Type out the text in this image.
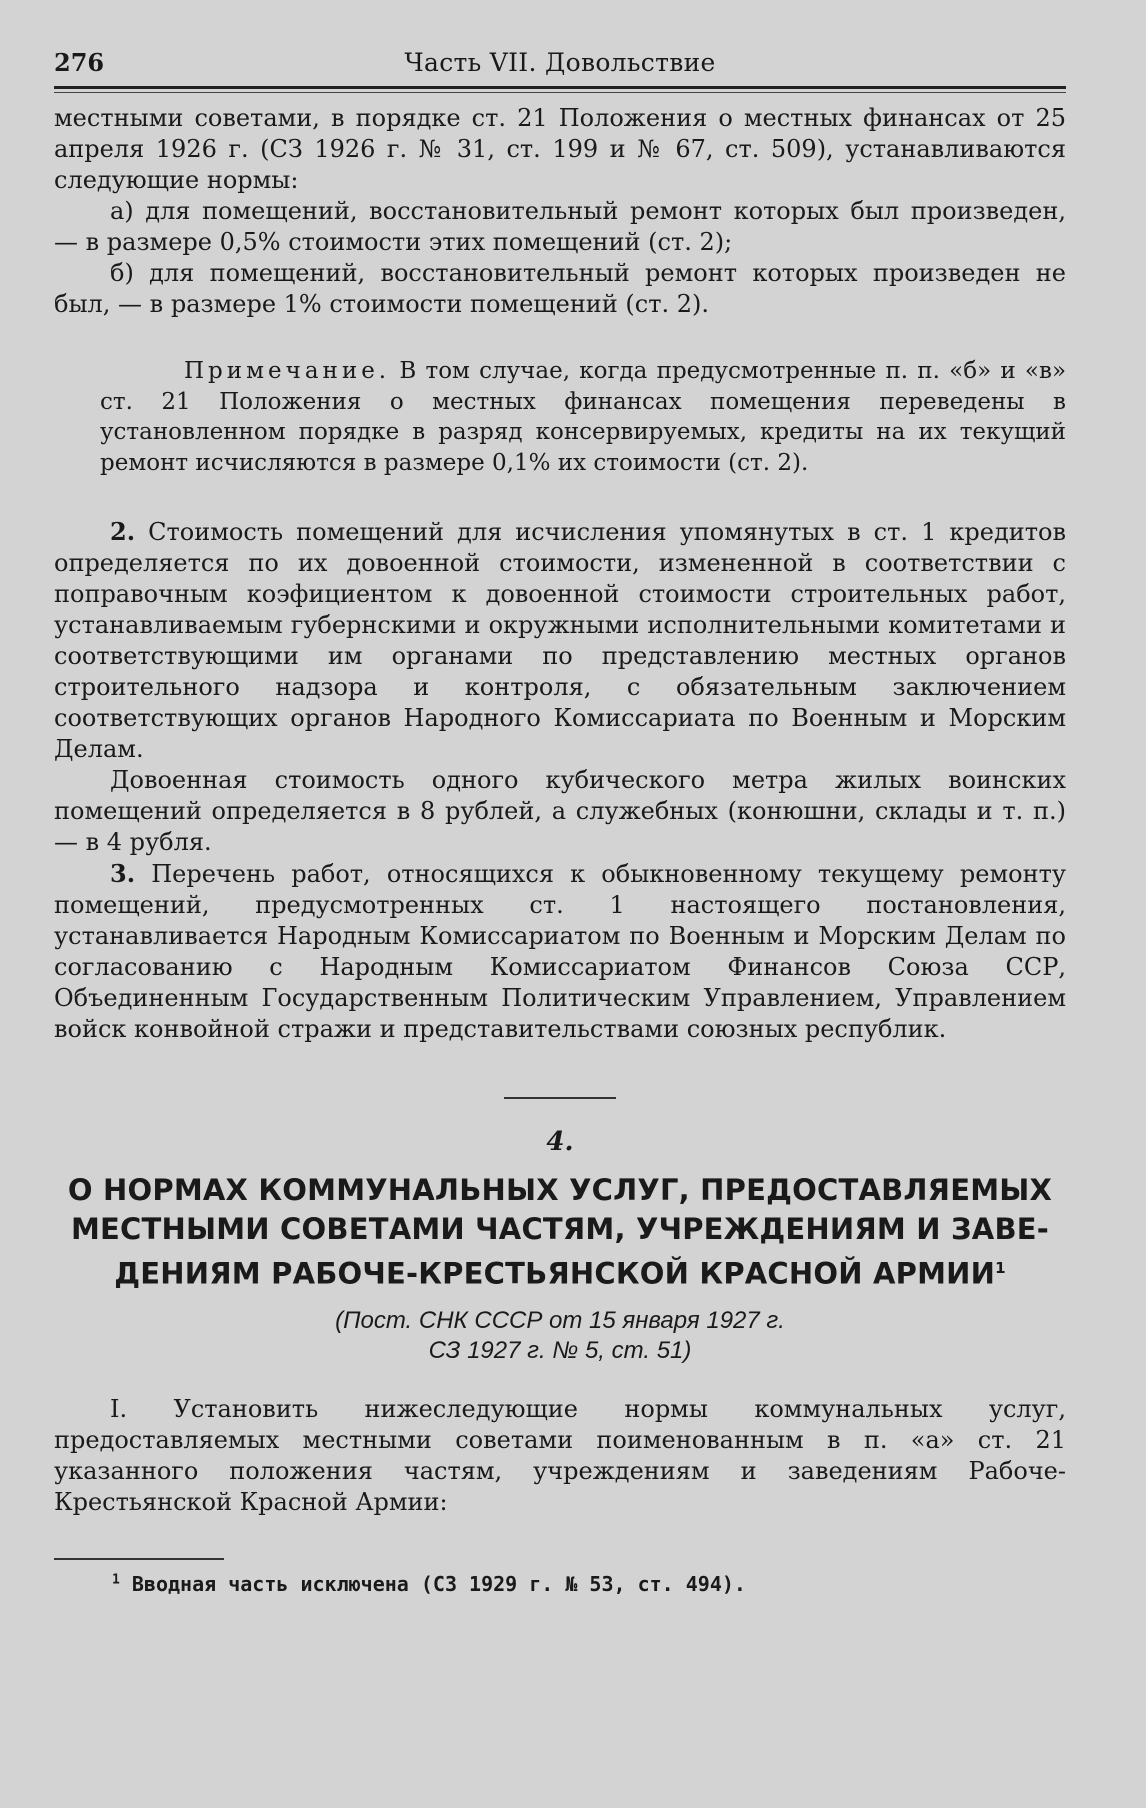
276	Часть VII. Довольствие

местными советами, в порядке ст. 21 Положения о местных финансах от 25 апреля 1926 г. (СЗ 1926 г. № 31, ст. 199 и № 67, ст. 509), устанавливаются следующие нормы:

а) для помещений, восстановительный ремонт которых был произведен, — в размере 0,5% стоимости этих помещений (ст. 2);

б) для помещений, восстановительный ремонт которых произведен не был, — в размере 1% стоимости помещений (ст. 2).

Примечание. В том случае, когда предусмотренные п. п. «б» и «в» ст. 21 Положения о местных финансах помещения переведены в установленном порядке в разряд консервируемых, кредиты на их текущий ремонт исчисляются в размере 0,1% их стоимости (ст. 2).

2. Стоимость помещений для исчисления упомянутых в ст. 1 кредитов определяется по их довоенной стоимости, измененной в соответствии с поправочным коэфициентом к довоенной стоимости строительных работ, устанавливаемым губернскими и окружными исполнительными комитетами и соответствующими им органами по представлению местных органов строительного надзора и контроля, с обязательным заключением соответствующих органов Народного Комиссариата по Военным и Морским Делам.

Довоенная стоимость одного кубического метра жилых воинских помещений определяется в 8 рублей, а служебных (конюшни, склады и т. п.) — в 4 рубля.

3. Перечень работ, относящихся к обыкновенному текущему ремонту помещений, предусмотренных ст. 1 настоящего постановления, устанавливается Народным Комиссариатом по Военным и Морским Делам по согласованию с Народным Комиссариатом Финансов Союза ССР, Объединенным Государственным Политическим Управлением, Управлением войск конвойной стражи и представительствами союзных республик.

4.
О НОРМАХ КОММУНАЛЬНЫХ УСЛУГ, ПРЕДОСТАВЛЯЕМЫХ
МЕСТНЫМИ СОВЕТАМИ ЧАСТЯМ, УЧРЕЖДЕНИЯМ И ЗАВЕ-
ДЕНИЯМ РАБОЧЕ-КРЕСТЬЯНСКОЙ КРАСНОЙ АРМИИ$^1$
(Пост. СНК СССР от 15 января 1927 г.
СЗ 1927 г. № 5, ст. 51)

I. Установить нижеследующие нормы коммунальных услуг, предоставляемых местными советами поименованным в п. «а» ст. 21 указанного положения частям, учреждениям и заведениям Рабоче-Крестьянской Красной Армии:

$^1$ Вводная часть исключена (СЗ 1929 г. № 53, ст. 494).
